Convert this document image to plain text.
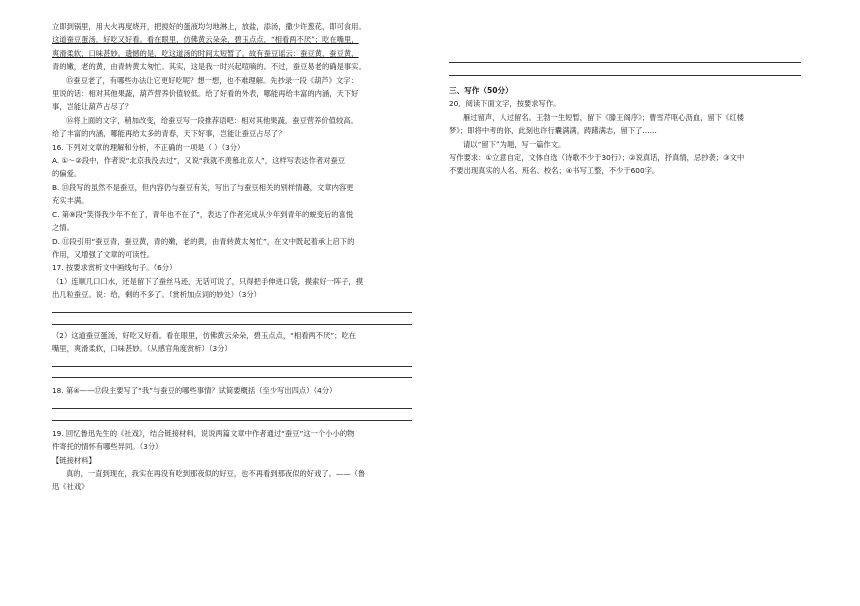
立即到锅里，用大火再度烧开，把搅好的蛋液均匀地淋上，放盐，添汤，撒少许葱花，即可食用。

这道蚕豆蛋汤，好吃又好看。看在眼里，仿佛黄云朵朵，碧玉点点，“相看两不厌”；吃在嘴里，

爽滑柔软，口味甚妙。遗憾的是，吃这道汤的时间太短暂了。故有蚕豆谣云：蚕豆黄，蚕豆黄，

青的嫩，老的黄，由青转黄太匆忙。其实，这是我一时兴起喧嘀的。不过，蚕豆易老的确是事实。

⑮蚕豆老了，有哪些办法让它更好吃呢？想一想，也不难理解。先抄录一段《葫芦》文字：

里说的话：相对其他果蔬，葫芦营养价值较低。给了好看的外表，哪能再给丰富的内涵，天下好

事，岂能让葫芦占尽了？

⑯将上面的文字，稍加改变，给蚕豆写一段推荐语吧：相对其他果蔬，蚕豆营养价值较高。

给了丰富的内涵，哪能再给太多的青春，天下好事，岂能让蚕豆占尽了？

16. 下列对文章的理解和分析，不正确的一项是（ ）（3分）

A. ①～②段中，作者说“北京我没去过”，又说“我就不羡慕北京人”，这样写表达作者对蚕豆

的偏爱。

B. ⑬段写的虽然不是蚕豆，但内容仍与蚕豆有关，写出了与蚕豆相关的别样情趣，文章内容更

充实丰满。

C. 第⑨段“笑得我少年不在了，青年也不在了”，表达了作者完成从少年到青年的蜕变后的喜悦

之情。

D. ⑪段引用“蚕豆青，蚕豆黄，青的嫩，老的黄，由青转黄太匆忙”，在文中既起着承上启下的

作用，又增强了文章的可读性。

17. 按要求赏析文中画线句子。（6分）

（1）连顺几口口水，还是留下了蚕丝马迹，无话可说了，只得把手伸进口袋，摸索好一阵子，摸

出几粒蚕豆。说：给，剩的不多了。（赏析加点词的妙处）（3分）

（2）这道蚕豆蛋汤，好吃又好看。看在眼里，仿佛黄云朵朵，碧玉点点，“相看两不厌”；吃在

嘴里，爽滑柔软，口味甚妙。（从感官角度赏析）（3分）

18. 第④——⑰段主要写了“我”与蚕豆的哪些事情？试简要概括（至少写出四点）（4分）

19. 回忆鲁迅先生的《社戏》，结合链接材料，说说两篇文章中作者通过“蚕豆”这一个小小的物

件寄托的情怀有哪些异同。（3分）

【链接材料】

真的，一直到现在，我实在再没有吃到那夜似的好豆，也不再看到那夜似的好戏了。——（鲁

迅《社戏》

三、写作（50分）

20．阅读下面文字，按要求写作。

雁过留声，人过留名。王勃一生短暂，留下《滕王阁序》；曹雪芹呕心沥血，留下《红楼

梦》；即将中考的你，此刻也许行囊满满，踌躇满志，留下了……

请以“留下”为题，写一篇作文。

写作要求：①立意自定，文体自选（诗歌不少于30行）；②说真话，抒真情，忌抄袭；③文中

不要出现真实的人名、班名、校名；④书写工整，不少于600字。
